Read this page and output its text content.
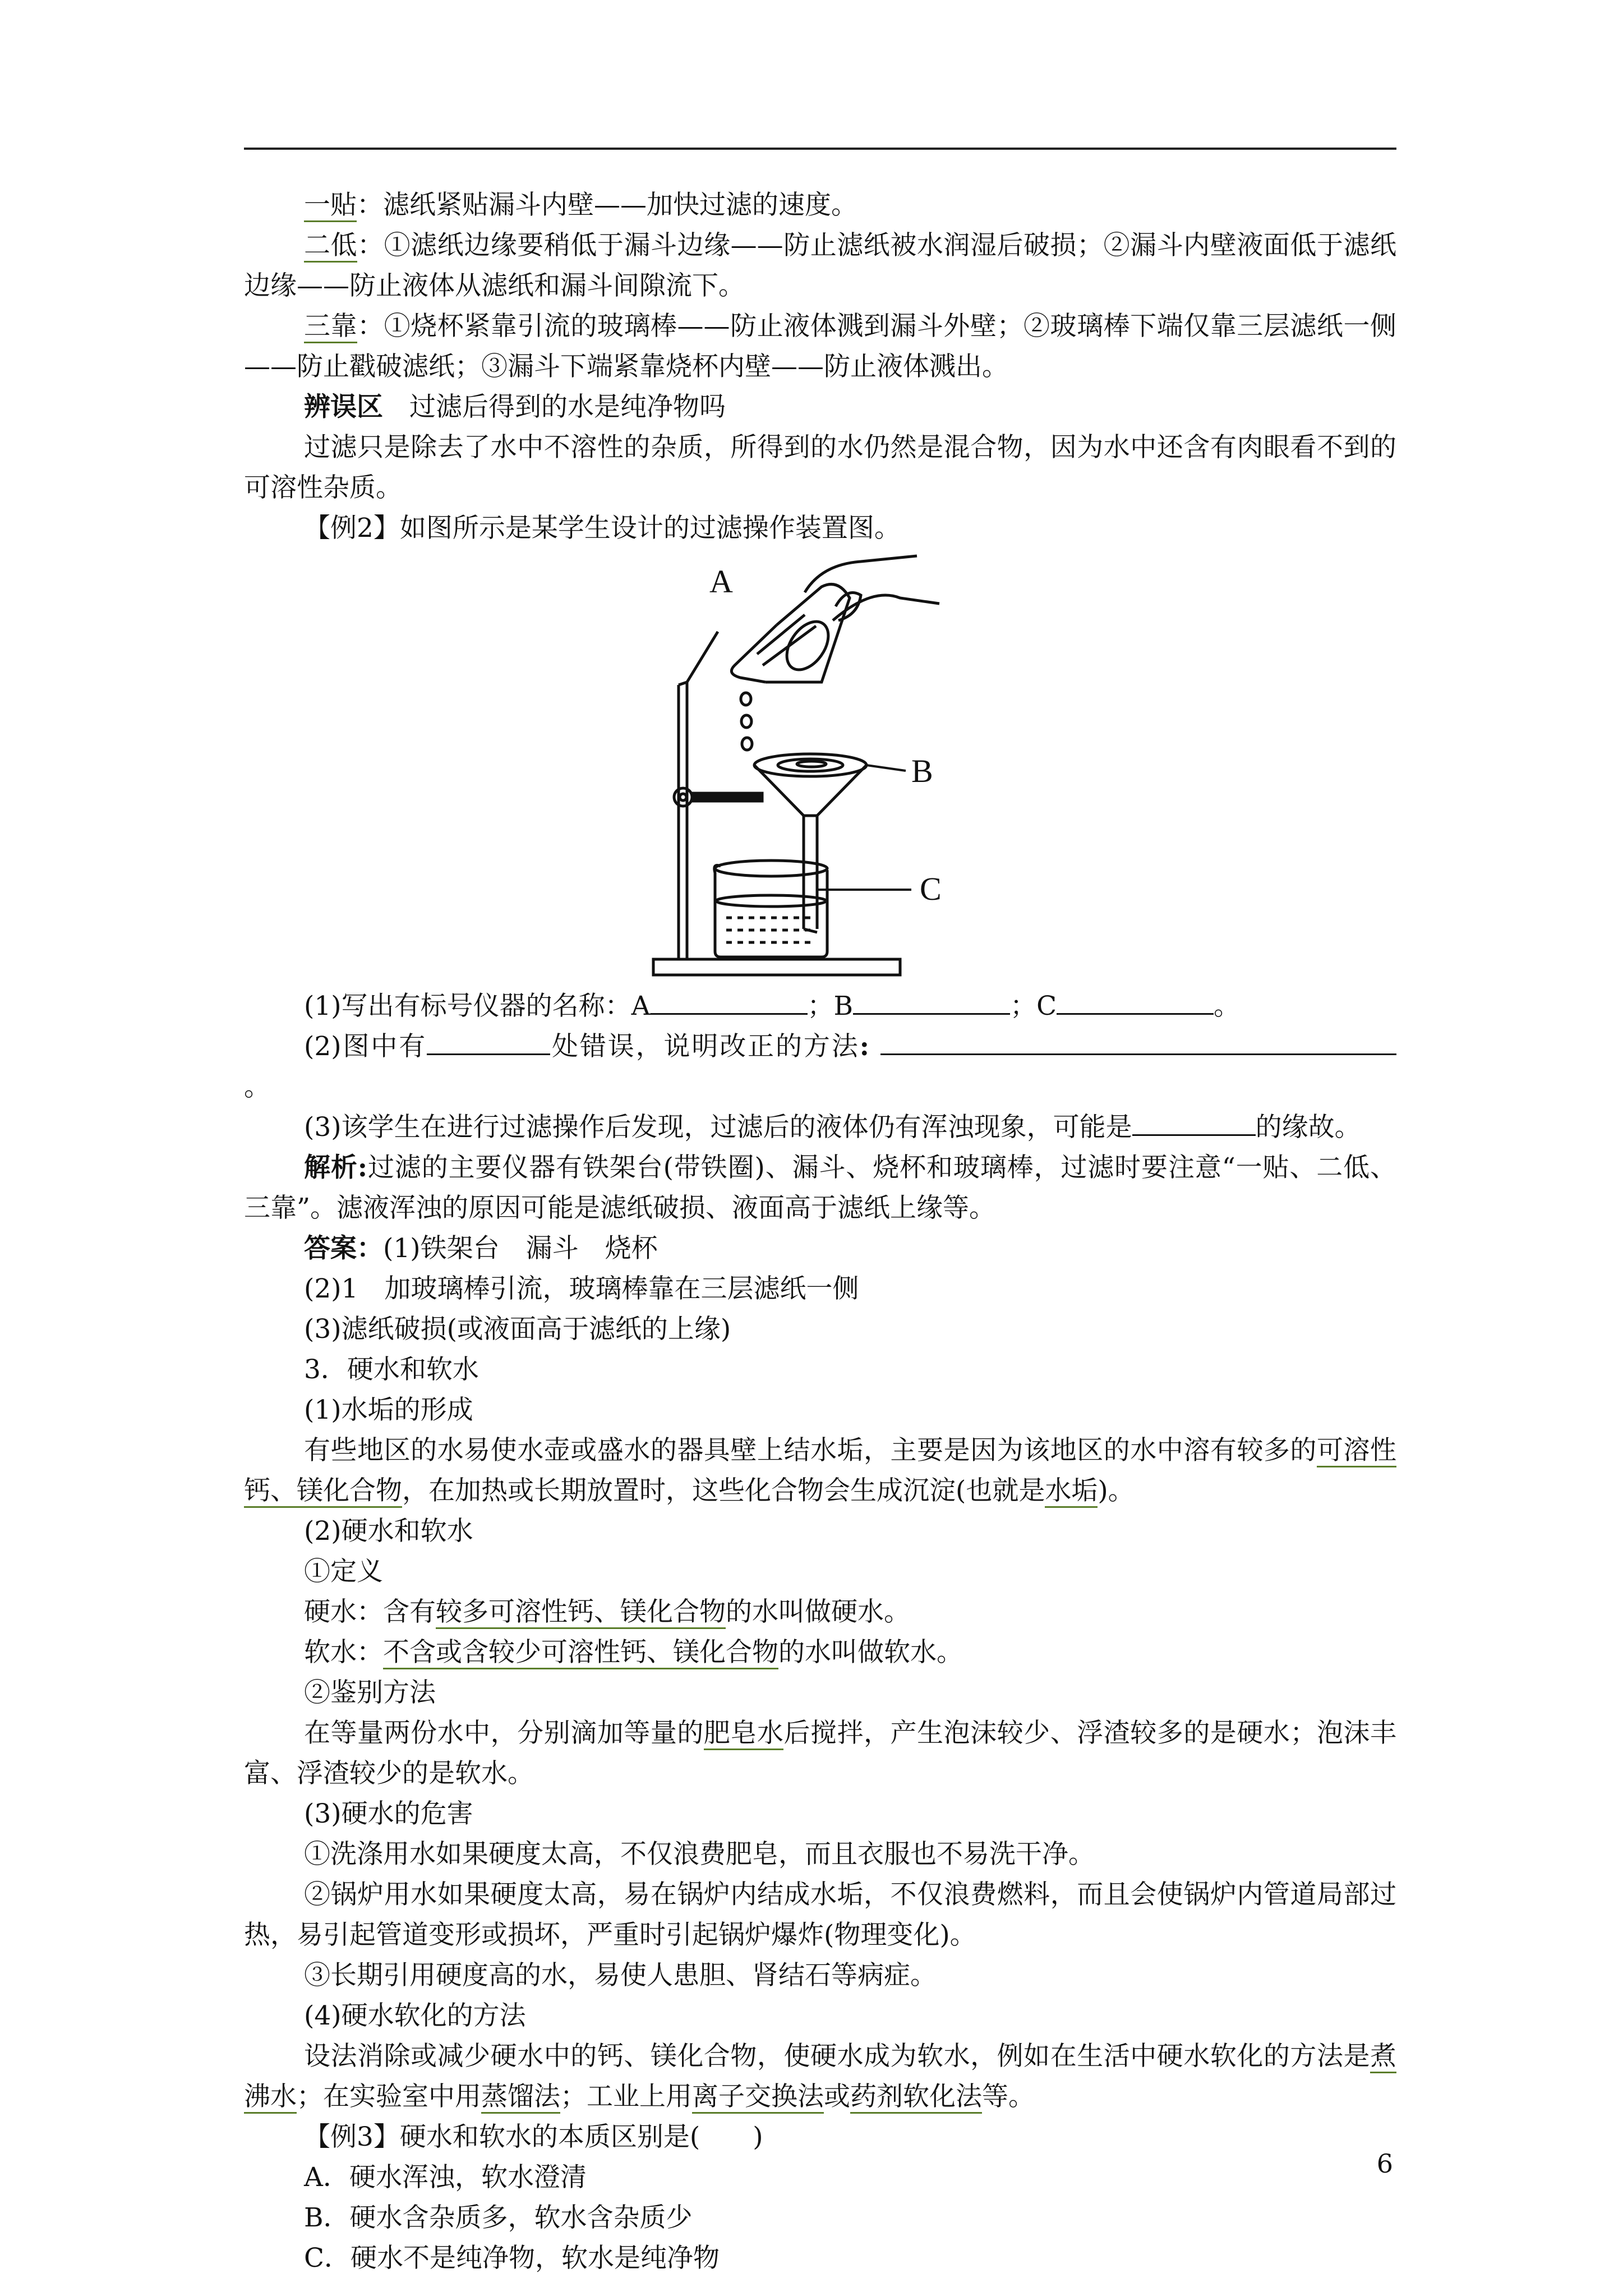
一贴：滤纸紧贴漏斗内壁——加快过滤的速度。

二低：①滤纸边缘要稍低于漏斗边缘——防止滤纸被水润湿后破损；②漏斗内壁液面低于滤纸边缘——防止液体从滤纸和漏斗间隙流下。

三靠：①烧杯紧靠引流的玻璃棒——防止液体溅到漏斗外壁；②玻璃棒下端仅靠三层滤纸一侧——防止戳破滤纸；③漏斗下端紧靠烧杯内壁——防止液体溅出。

辨误区　过滤后得到的水是纯净物吗

过滤只是除去了水中不溶性的杂质，所得到的水仍然是混合物，因为水中还含有肉眼看不到的可溶性杂质。

【例2】如图所示是某学生设计的过滤操作装置图。

A
B
C

(1)写出有标号仪器的名称：A	；B	；C	。

(2)图中有	处错误，说明改正的方法:。

(3)该学生在进行过滤操作后发现，过滤后的液体仍有浑浊现象，可能是	的缘故。

解析:过滤的主要仪器有铁架台(带铁圈)、漏斗、烧杯和玻璃棒，过滤时要注意“一贴、二低、三靠”。滤液浑浊的原因可能是滤纸破损、液面高于滤纸上缘等。

答案：(1)铁架台　漏斗　烧杯

(2)1　加玻璃棒引流，玻璃棒靠在三层滤纸一侧

(3)滤纸破损(或液面高于滤纸的上缘)

3．硬水和软水

(1)水垢的形成

有些地区的水易使水壶或盛水的器具壁上结水垢，主要是因为该地区的水中溶有较多的可溶性钙、镁化合物，在加热或长期放置时，这些化合物会生成沉淀(也就是水垢)。

(2)硬水和软水

①定义

硬水：含有较多可溶性钙、镁化合物的水叫做硬水。

软水：不含或含较少可溶性钙、镁化合物的水叫做软水。

②鉴别方法

在等量两份水中，分别滴加等量的肥皂水后搅拌，产生泡沫较少、浮渣较多的是硬水；泡沫丰富、浮渣较少的是软水。

(3)硬水的危害

①洗涤用水如果硬度太高，不仅浪费肥皂，而且衣服也不易洗干净。

②锅炉用水如果硬度太高，易在锅炉内结成水垢，不仅浪费燃料，而且会使锅炉内管道局部过热，易引起管道变形或损坏，严重时引起锅炉爆炸(物理变化)。

③长期引用硬度高的水，易使人患胆、肾结石等病症。

(4)硬水软化的方法

设法消除或减少硬水中的钙、镁化合物，使硬水成为软水，例如在生活中硬水软化的方法是煮沸水；在实验室中用蒸馏法；工业上用离子交换法或药剂软化法等。

【例3】硬水和软水的本质区别是(　　)

A．硬水浑浊，软水澄清

B．硬水含杂质多，软水含杂质少

C．硬水不是纯净物，软水是纯净物

6
